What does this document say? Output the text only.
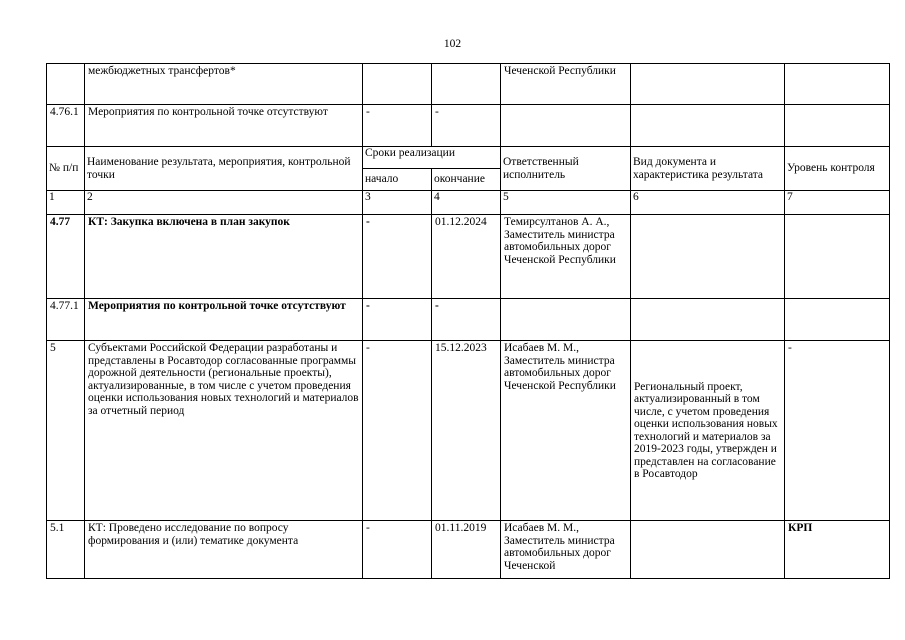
102
	межбюджетных трансфертов*			Чеченской Республики		
4.76.1	Мероприятия по контрольной точке отсутствуют	-	-			
№ п/п	Наименование результата, мероприятия, контрольной точки	Сроки реализации		Ответственный исполнитель	Вид документа и характеристика результата	Уровень контроля
		начало	окончание			
1	2	3	4	5	6	7
4.77	КТ: Закупка включена в план закупок	-	01.12.2024	Темирсултанов А. А., Заместитель министра автомобильных дорог Чеченской Республики		
4.77.1	Мероприятия по контрольной точке отсутствуют	-	-			
5	Субъектами Российской Федерации разработаны и представлены в Росавтодор согласованные программы дорожной деятельности (региональные проекты), актуализированные, в том числе с учетом проведения оценки использования новых технологий и материалов за отчетный период	-	15.12.2023	Исабаев М. М., Заместитель министра автомобильных дорог Чеченской Республики	Региональный проект, актуализированный в том числе, с учетом проведения оценки использования новых технологий и материалов за 2019-2023 годы, утвержден и представлен на согласование в Росавтодор	-
5.1	КТ: Проведено исследование по вопросу формирования и (или) тематике документа	-	01.11.2019	Исабаев М. М., Заместитель министра автомобильных дорог Чеченской		КРП
